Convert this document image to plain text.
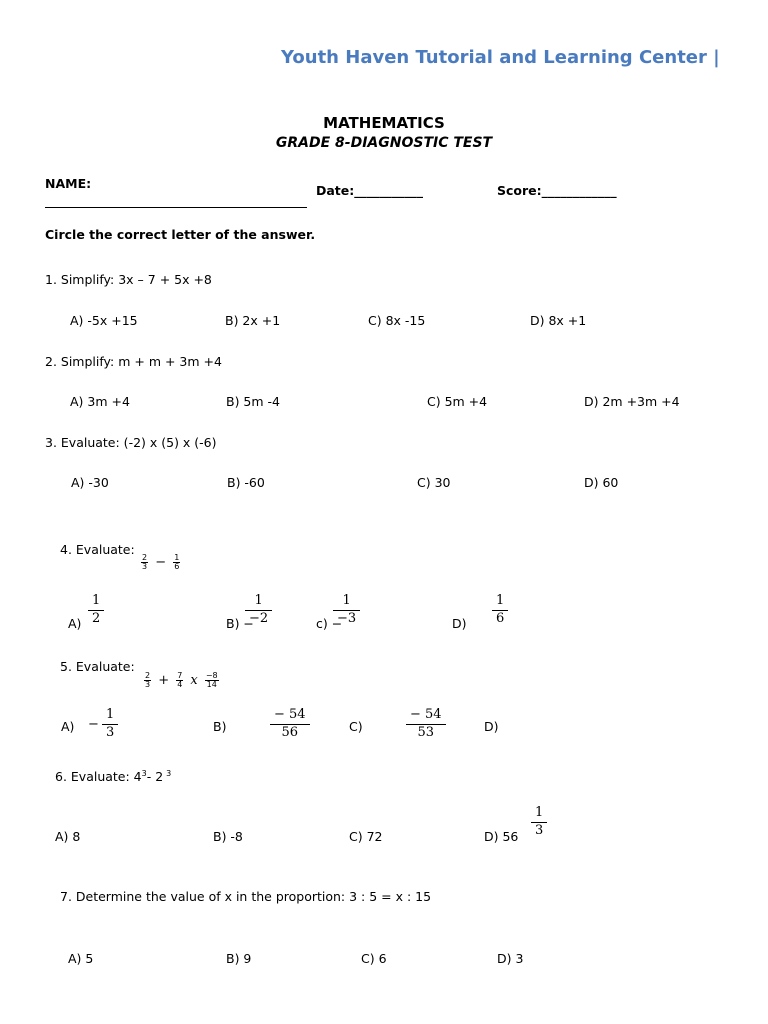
Youth Haven Tutorial and Learning Center |
MATHEMATICS
GRADE 8-DIAGNOSTIC TEST
NAME:	Date:___________	Score:____________
Circle the correct letter of the answer.
1. Simplify: 3x – 7 + 5x +8
A) -5x +15	B) 2x +1	C) 8x -15	D) 8x +1
2. Simplify: m + m + 3m +4
A) 3m +4	B) 5m -4	C) 5m +4	D) 2m +3m +4
3. Evaluate: (-2) x (5) x (-6)
A) -30	B) -60	C) 30	D) 60
4. Evaluate:
$\frac{2}{3} - \frac{1}{6}$
$A) \frac{1}{2}$	B) −
$\frac{1}{-2}$	c) −
$\frac{1}{-3}$	$D) \frac{1}{6}$
5. Evaluate:
$\frac{2}{3} + \frac{7}{4}$ x $\frac{-8}{14}$
$A) - \frac{1}{3}$	B)	$\frac{- 54}{56}$	C)	$\frac{- 54}{53}$	D)
6. Evaluate: $4^3-$ 2 $^3$
A) 8	B) -8	C) 72	D) $56 \frac{1}{3}$
7. Determine the value of x in the proportion: 3 : 5 = x : 15
A) 5	B) 9	C) 6	D) 3
